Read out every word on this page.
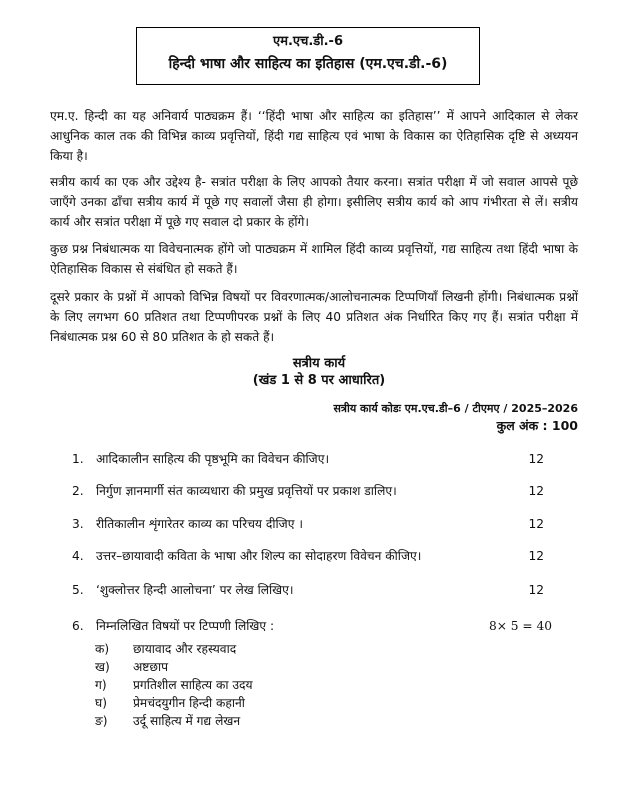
एम.एच.डी.-6
हिन्दी भाषा और साहित्य का इतिहास (एम.एच.डी.-6)

एम.ए. हिन्दी का यह अनिवार्य पाठ्यक्रम हैं। ‘‘हिंदी भाषा और साहित्य का इतिहास’’ में आपने आदिकाल से लेकर आधुनिक काल तक की विभिन्न काव्य प्रवृत्तियों, हिंदी गद्य साहित्य एवं भाषा के विकास का ऐतिहासिक दृष्टि से अध्ययन किया है।

सत्रीय कार्य का एक और उद्देश्य है- सत्रांत परीक्षा के लिए आपको तैयार करना। सत्रांत परीक्षा में जो सवाल आपसे पूछे जाएँगे उनका ढाँचा सत्रीय कार्य में पूछे गए सवालों जैसा ही होगा। इसीलिए सत्रीय कार्य को आप गंभीरता से लें। सत्रीय कार्य और सत्रांत परीक्षा में पूछे गए सवाल दो प्रकार के होंगे।

कुछ प्रश्न निबंधात्मक या विवेचनात्मक होंगे जो पाठ्यक्रम में शामिल हिंदी काव्य प्रवृत्तियों, गद्य साहित्य तथा हिंदी भाषा के ऐतिहासिक विकास से संबंधित हो सकते हैं।

दूसरे प्रकार के प्रश्नों में आपको विभिन्न विषयों पर विवरणात्मक/आलोचनात्मक टिप्पणियाँ लिखनी होंगी। निबंधात्मक प्रश्नों के लिए लगभग 60 प्रतिशत तथा टिप्पणीपरक प्रश्नों के लिए 40 प्रतिशत अंक निर्धारित किए गए हैं। सत्रांत परीक्षा में निबंधात्मक प्रश्न 60 से 80 प्रतिशत के हो सकते हैं।

सत्रीय कार्य
(खंड 1 से 8 पर आधारित)
सत्रीय कार्य कोडः एम.एच.डी–6 / टीएमए / 2025–2026
कुल अंक : 100
1. आदिकालीन साहित्य की पृष्ठभूमि का विवेचन कीजिए।	12
2. निर्गुण ज्ञानमार्गी संत काव्यधारा की प्रमुख प्रवृत्तियों पर प्रकाश डालिए।	12
3. रीतिकालीन शृंगारेतर काव्य का परिचय दीजिए ।	12
4. उत्तर–छायावादी कविता के भाषा और शिल्प का सोदाहरण विवेचन कीजिए।	12
5. ‘शुक्लोत्तर हिन्दी आलोचना’ पर लेख लिखिए।	12
6. निम्नलिखित विषयों पर टिप्पणी लिखिए :	8× 5 = 40
क) छायावाद और रहस्यवाद
ख) अष्टछाप
ग) प्रगतिशील साहित्य का उदय
घ) प्रेमचंदयुगीन हिन्दी कहानी
ङ) उर्दू साहित्य में गद्य लेखन
